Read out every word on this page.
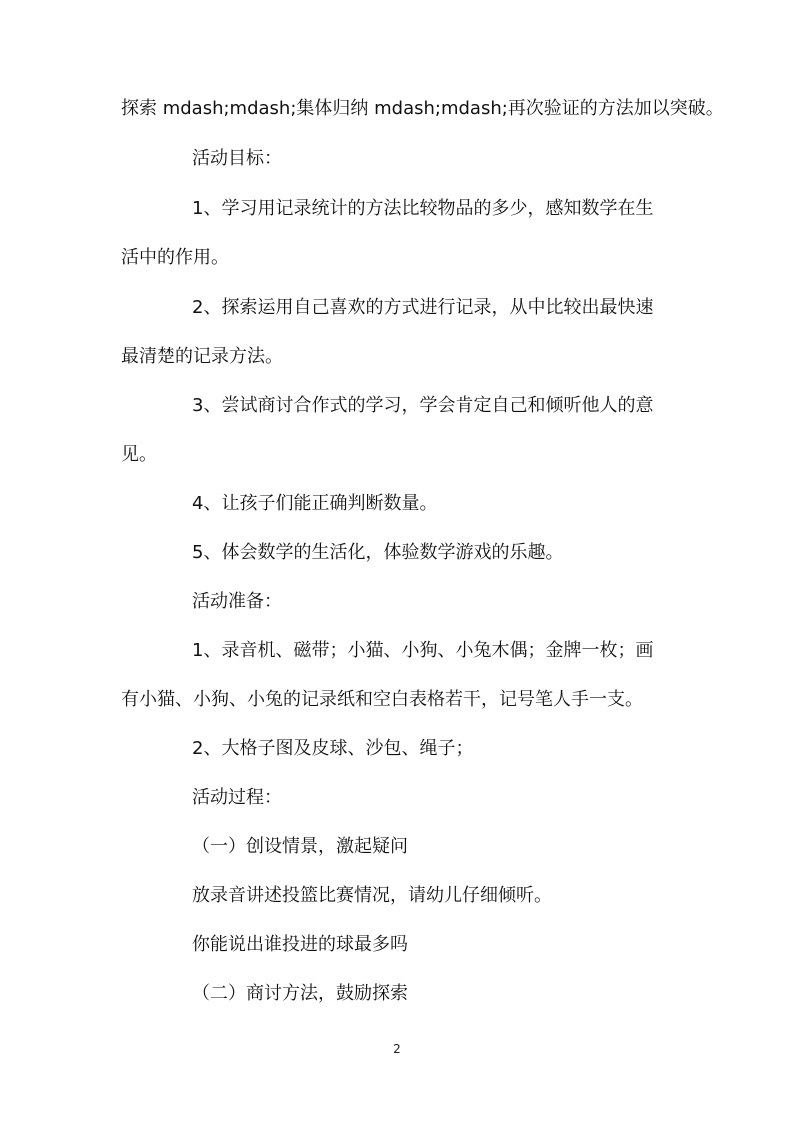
探索 mdash;mdash;集体归纳 mdash;mdash;再次验证的方法加以突破。
活动目标：
1、学习用记录统计的方法比较物品的多少，感知数学在生
活中的作用。
2、探索运用自己喜欢的方式进行记录，从中比较出最快速
最清楚的记录方法。
3、尝试商讨合作式的学习，学会肯定自己和倾听他人的意
见。
4、让孩子们能正确判断数量。
5、体会数学的生活化，体验数学游戏的乐趣。
活动准备：
1、录音机、磁带；小猫、小狗、小兔木偶；金牌一枚；画
有小猫、小狗、小兔的记录纸和空白表格若干，记号笔人手一支。
2、大格子图及皮球、沙包、绳子；
活动过程：
（一）创设情景，激起疑问
放录音讲述投篮比赛情况，请幼儿仔细倾听。
你能说出谁投进的球最多吗
（二）商讨方法，鼓励探索
2
